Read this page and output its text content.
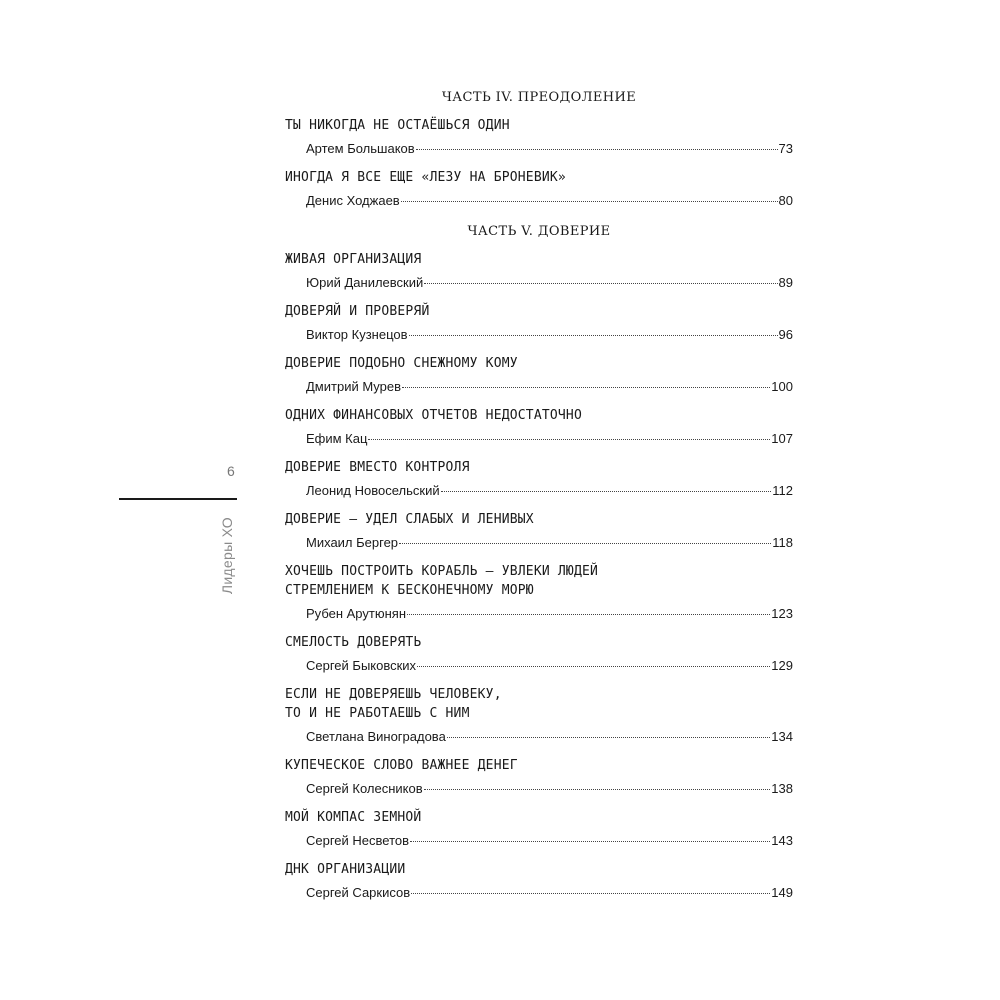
6
Лидеры ХО
ЧАСТЬ IV. ПРЕОДОЛЕНИЕ
ТЫ НИКОГДА НЕ ОСТАЁШЬСЯ ОДИН
Артем Большаков	73
ИНОГДА Я ВСЕ ЕЩЕ «ЛЕЗУ НА БРОНЕВИК»
Денис Ходжаев	80
ЧАСТЬ V. ДОВЕРИЕ
ЖИВАЯ ОРГАНИЗАЦИЯ
Юрий Данилевский	89
ДОВЕРЯЙ И ПРОВЕРЯЙ
Виктор Кузнецов	96
ДОВЕРИЕ ПОДОБНО СНЕЖНОМУ КОМУ
Дмитрий Мурев	100
ОДНИХ ФИНАНСОВЫХ ОТЧЕТОВ НЕДОСТАТОЧНО
Ефим Кац	107
ДОВЕРИЕ ВМЕСТО КОНТРОЛЯ
Леонид Новосельский	112
ДОВЕРИЕ — УДЕЛ СЛАБЫХ И ЛЕНИВЫХ
Михаил Бергер	118
ХОЧЕШЬ ПОСТРОИТЬ КОРАБЛЬ — УВЛЕКИ ЛЮДЕЙ
СТРЕМЛЕНИЕМ К БЕСКОНЕЧНОМУ МОРЮ
Рубен Арутюнян	123
СМЕЛОСТЬ ДОВЕРЯТЬ
Сергей Быковских	129
ЕСЛИ НЕ ДОВЕРЯЕШЬ ЧЕЛОВЕКУ,
ТО И НЕ РАБОТАЕШЬ С НИМ
Светлана Виноградова	134
КУПЕЧЕСКОЕ СЛОВО ВАЖНЕЕ ДЕНЕГ
Сергей Колесников	138
МОЙ КОМПАС ЗЕМНОЙ
Сергей Несветов	143
ДНК ОРГАНИЗАЦИИ
Сергей Саркисов	149
